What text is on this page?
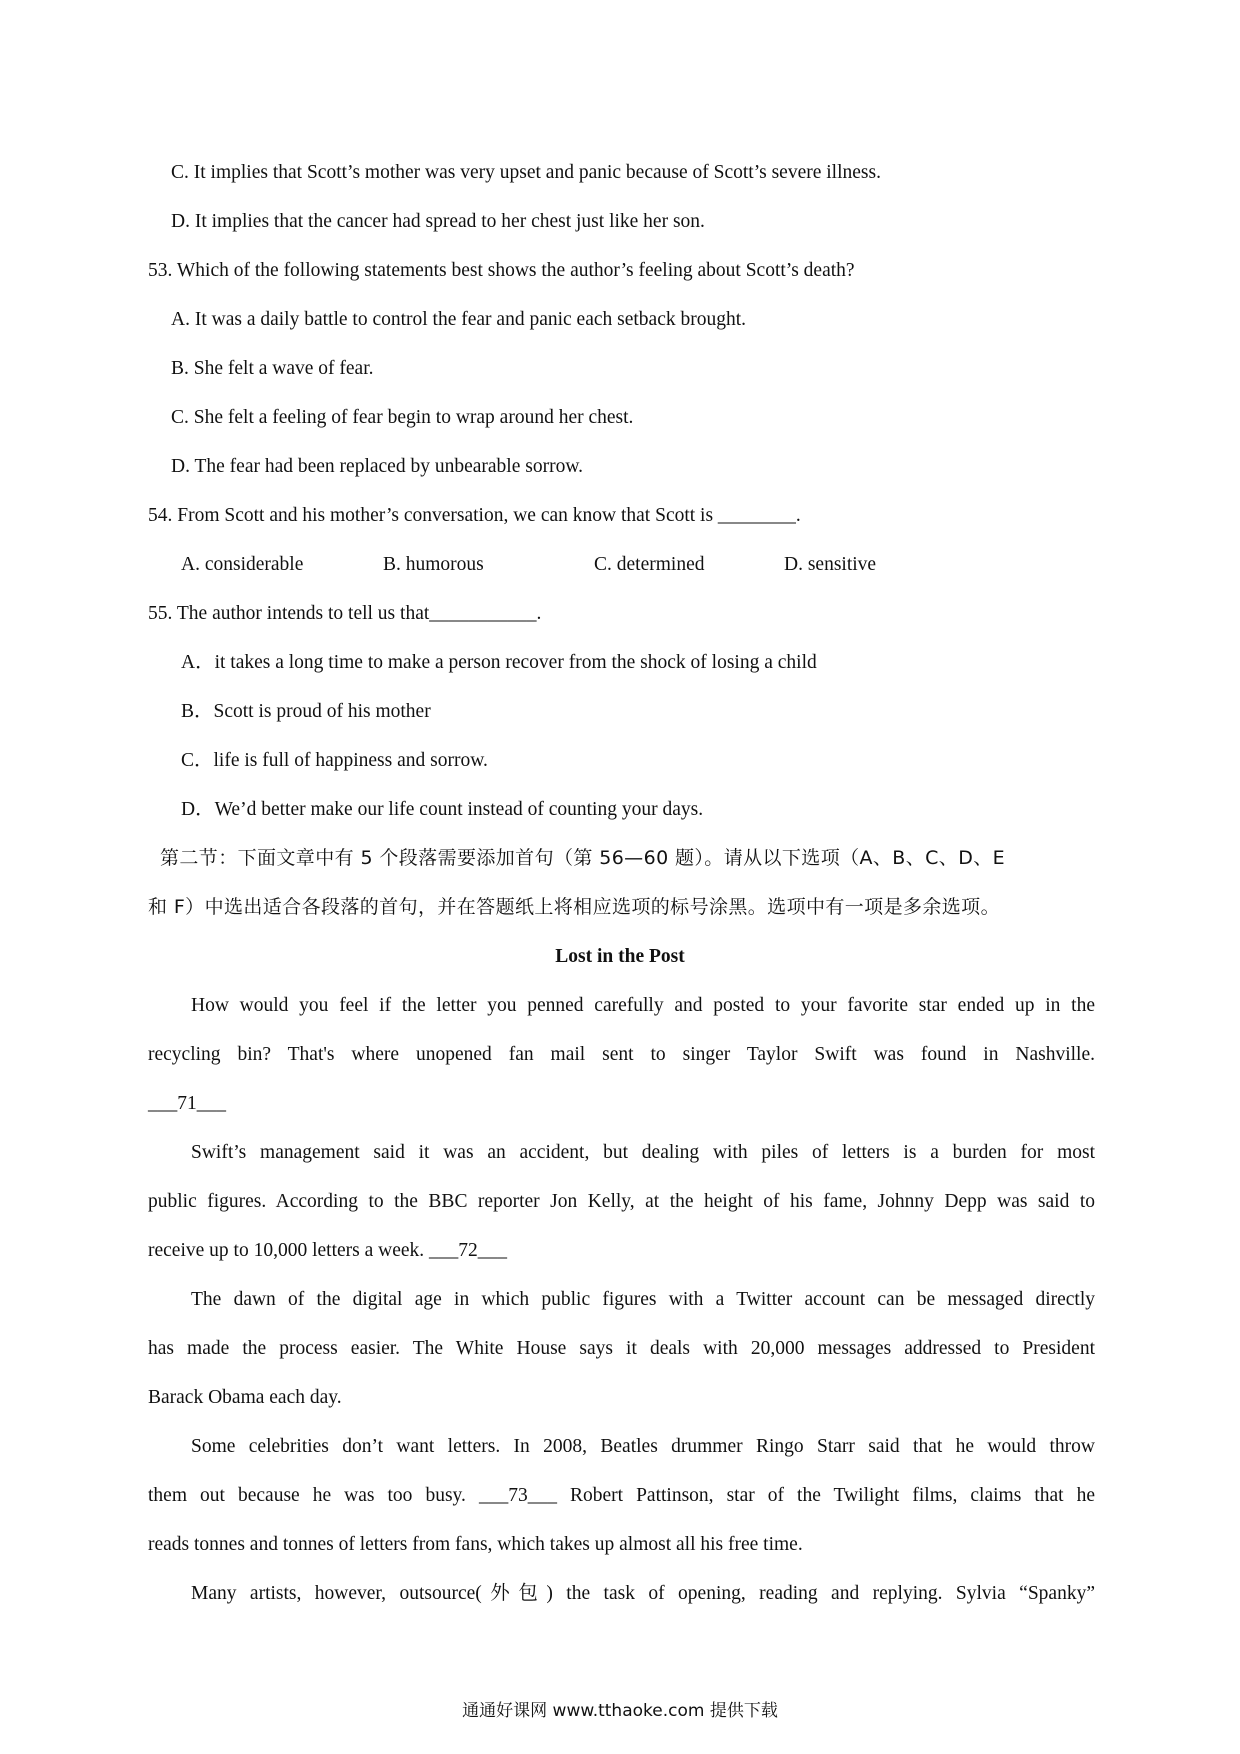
C. It implies that Scott’s mother was very upset and panic because of Scott’s severe illness.
D. It implies that the cancer had spread to her chest just like her son.
53. Which of the following statements best shows the author’s feeling about Scott’s death?
A. It was a daily battle to control the fear and panic each setback brought.
B. She felt a wave of fear.
C. She felt a feeling of fear begin to wrap around her chest.
D. The fear had been replaced by unbearable sorrow.
54. From Scott and his mother’s conversation, we can know that Scott is ________.
A. considerable	B. humorous	C. determined	D. sensitive
55. The author intends to tell us that___________.
A．it takes a long time to make a person recover from the shock of losing a child
B．Scott is proud of his mother
C．life is full of happiness and sorrow.
D．We’d better make our life count instead of counting your days.
第二节：下面文章中有 5 个段落需要添加首句（第 56—60 题）。请从以下选项（A、B、C、D、E
和 F）中选出适合各段落的首句，并在答题纸上将相应选项的标号涂黑。选项中有一项是多余选项。
Lost in the Post
How would you feel if the letter you penned carefully and posted to your favorite star ended up in the
recycling bin? That's where unopened fan mail sent to singer Taylor Swift was found in Nashville.
___71___
Swift’s management said it was an accident, but dealing with piles of letters is a burden for most
public figures. According to the BBC reporter Jon Kelly, at the height of his fame, Johnny Depp was said to
receive up to 10,000 letters a week. ___72___
The dawn of the digital age in which public figures with a Twitter account can be messaged directly
has made the process easier. The White House says it deals with 20,000 messages addressed to President
Barack Obama each day.
Some celebrities don’t want letters. In 2008, Beatles drummer Ringo Starr said that he would throw
them out because he was too busy. ___73___ Robert Pattinson, star of the Twilight films, claims that he
reads tonnes and tonnes of letters from fans, which takes up almost all his free time.
Many artists, however, outsource(外包) the task of opening, reading and replying. Sylvia “Spanky”
通通好课网 www.tthaoke.com 提供下载
